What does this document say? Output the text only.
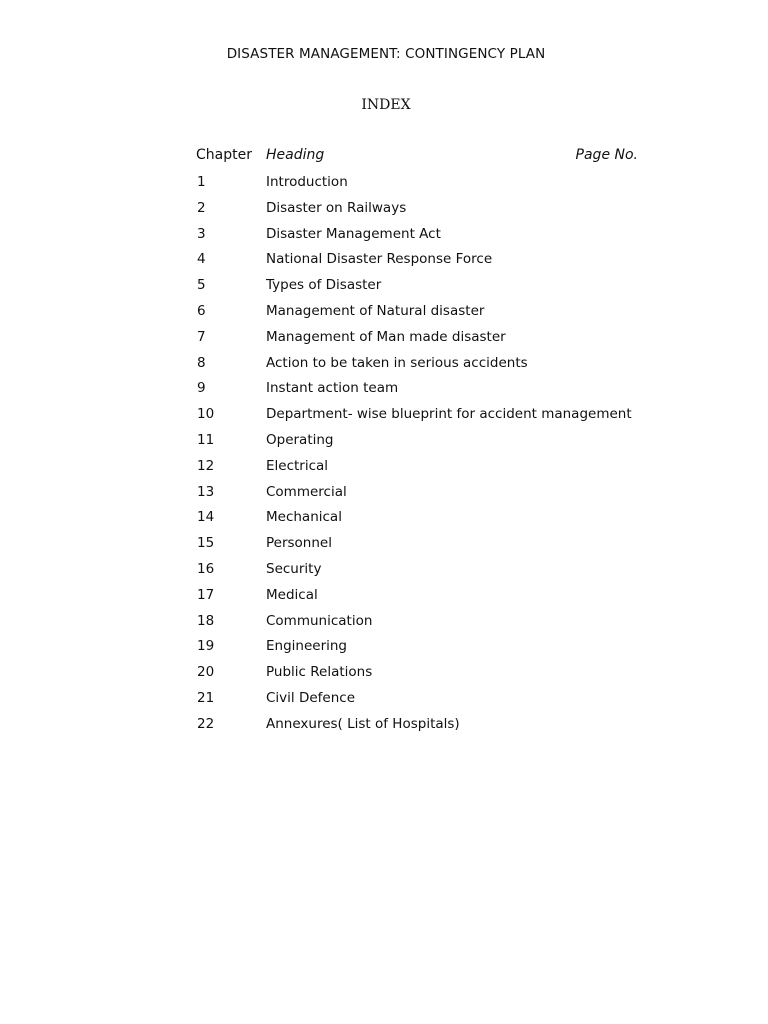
DISASTER MANAGEMENT: CONTINGENCY PLAN
INDEX
Chapter Heading	Page No.
1	Introduction
2	Disaster on Railways
3	Disaster Management Act
4	National Disaster Response Force
5	Types of Disaster
6	Management of Natural disaster
7	Management of Man made disaster
8	Action to be taken in serious accidents
9	Instant action team
10	Department- wise blueprint for accident management
11	Operating
12	Electrical
13	Commercial
14	Mechanical
15	Personnel
16	Security
17	Medical
18	Communication
19	Engineering
20	Public Relations
21	Civil Defence
22	Annexures( List of Hospitals)
